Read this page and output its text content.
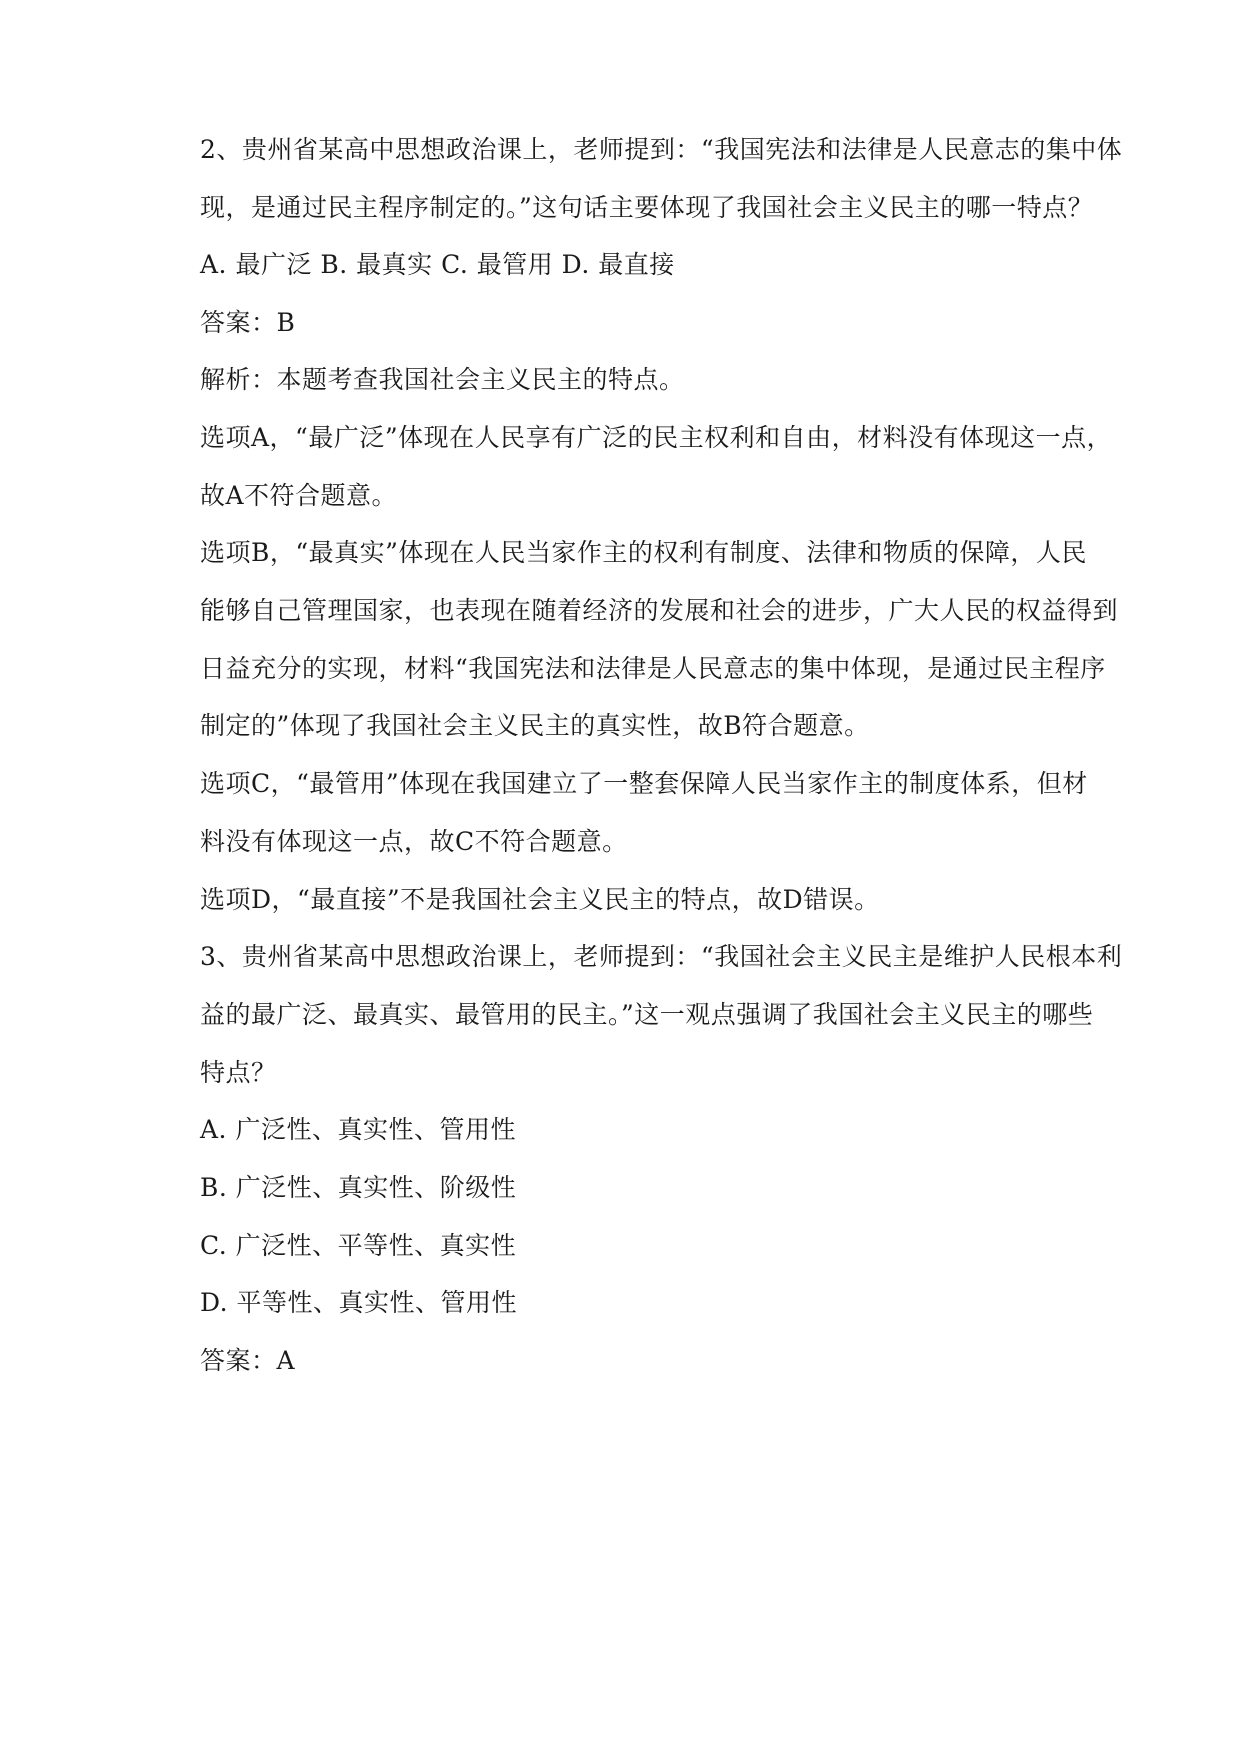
2、贵州省某高中思想政治课上，老师提到：“我国宪法和法律是人民意志的集中体
现，是通过民主程序制定的。”这句话主要体现了我国社会主义民主的哪一特点？
A. 最广泛 B. 最真实 C. 最管用 D. 最直接
答案：B
解析：本题考查我国社会主义民主的特点。
选项A，“最广泛”体现在人民享有广泛的民主权利和自由，材料没有体现这一点，
故A不符合题意。
选项B，“最真实”体现在人民当家作主的权利有制度、法律和物质的保障，人民
能够自己管理国家，也表现在随着经济的发展和社会的进步，广大人民的权益得到
日益充分的实现，材料“我国宪法和法律是人民意志的集中体现，是通过民主程序
制定的”体现了我国社会主义民主的真实性，故B符合题意。
选项C，“最管用”体现在我国建立了一整套保障人民当家作主的制度体系，但材
料没有体现这一点，故C不符合题意。
选项D，“最直接”不是我国社会主义民主的特点，故D错误。
3、贵州省某高中思想政治课上，老师提到：“我国社会主义民主是维护人民根本利
益的最广泛、最真实、最管用的民主。”这一观点强调了我国社会主义民主的哪些
特点？
A. 广泛性、真实性、管用性
B. 广泛性、真实性、阶级性
C. 广泛性、平等性、真实性
D. 平等性、真实性、管用性
答案：A
